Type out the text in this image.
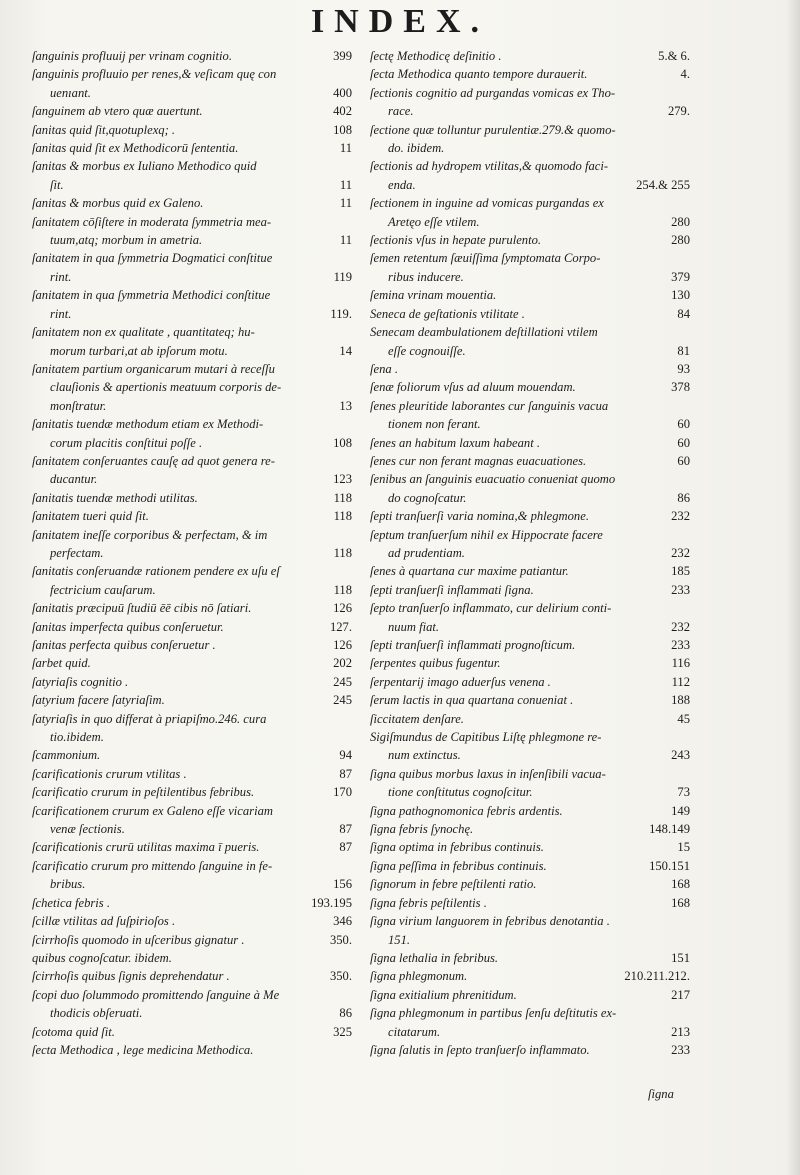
INDEX.
ſanguinis profluuij per vrinam cognitio.	399
ſanguinis profluuio per renes,& veſicam quę con
uenıant.	400
ſanguinem ab vtero quæ auertunt.	402
ſanitas quid ſit,quotuplexq; .	108
ſanitas quid ſit ex Methodicorū ſententia.	11
ſanitas & morbus ex Iuliano Methodico quid
ſit.	11
ſanitas & morbus quid ex Galeno.	11
ſanitatem cōſiſtere in moderata ſymmetria mea-
tuum,atq; morbum in ametria.	11
ſanitatem in qua ſymmetria Dogmatici conſtitue
rint.	119
ſanitatem in qua ſymmetria Methodici conſtitue
rint.	119.
ſanitatem non ex qualitate , quantitateq; hu-
morum turbari,at ab ipſorum motu.	14
ſanitatem partium organicarum mutari à receſſu
clauſionis & apertionis meatuum corporis de-
monſtratur.	13
ſanitatis tuendæ methodum etiam ex Methodi-
corum placitis conſtitui poſſe .	108
ſanitatem conſeruantes cauſę ad quot genera re-
ducantur.	123
ſanitatis tuendæ methodi utilitas.	118
ſanitatem tueri quid ſit.	118
ſanitatem ineſſe corporibus & perfectam, & im
perfectam.	118
ſanitatis conſeruandæ rationem pendere ex uſu eſ
fectricium cauſarum.	118
ſanitatis præcipuū ſtudiū ēē cibis nō ſatiari.	126
ſanitas imperfecta quibus conſeruetur.	127.
ſanitas perfecta quibus conſeruetur .	126
ſarbet quid.	202
ſatyriaſis cognitio .	245
ſatyrium facere ſatyriaſim.	245
ſatyriaſis in quo differat à priapiſmo.246. cura
tio.ibidem.
ſcammonium.	94
ſcarificationis crurum vtilitas .	87
ſcarificatio crurum in peſtilentibus febribus.	170
ſcarificationem crurum ex Galeno eſſe vicariam
venæ ſectionis.	87
ſcarificationis crurū utilitas maxima ī pueris.	87
ſcarificatio crurum pro mittendo ſanguine in fe-
bribus.	156
ſchetica febris .	193.195
ſcillæ vtilitas ad ſuſpirioſos .	346
ſcirrhoſis quomodo in uſceribus gignatur .	350.
quibus cognoſcatur. ibidem.
ſcirrhoſis quibus ſignis deprehendatur .	350.
ſcopi duo ſolummodo promittendo ſanguine à Me
thodicis obſeruati.	86
ſcotoma quid ſit.	325
ſecta Methodica , lege medicina Methodica.
ſectę Methodicę deſinitio .	5.& 6.
ſecta Methodica quanto tempore durauerit.	4.
ſectionis cognitio ad purgandas vomicas ex Tho-
race.	279.
ſectione quæ tolluntur purulentiæ.279.& quomo-
do. ibidem.
ſectionis ad hydropem vtilitas,& quomodo faci-
enda.	254.& 255
ſectionem in inguine ad vomicas purgandas ex
Aretęo eſſe vtilem.	280
ſectionis vſus in hepate purulento.	280
ſemen retentum ſæuiſſima ſymptomata Corpo-
ribus inducere.	379
ſemina vrinam mouentia.	130
Seneca de geſtationis vtilitate .	84
Senecam deambulationem deſtillationi vtilem
eſſe cognouiſſe.	81
ſena .	93
ſenæ foliorum vſus ad aluum mouendam.	378
ſenes pleuritide laborantes cur ſanguinis vacua
tionem non ferant.	60
ſenes an habitum laxum habeant .	60
ſenes cur non ferant magnas euacuationes.	60
ſenibus an ſanguinis euacuatio conueniat quomo
do cognoſcatur.	86
ſepti tranſuerſi varia nomina,& phlegmone.	232
ſeptum tranſuerſum nihil ex Hippocrate facere
ad prudentiam.	232
ſenes à quartana cur maxime patiantur.	185
ſepti tranſuerſi inflammati ſigna.	233
ſepto tranſuerſo inflammato, cur delirium conti-
nuum fiat.	232
ſepti tranſuerſi inflammati prognoſticum.	233
ſerpentes quibus fugentur.	116
ſerpentarij imago aduerſus venena .	112
ſerum lactis in qua quartana conueniat .	188
ſiccitatem denſare.	45
Sigiſmundus de Capitibus Liſtę phlegmone re-
num extinctus.	243
ſigna quibus morbus laxus in inſenſibili vacua-
tione conſtitutus cognoſcitur.	73
ſigna pathognomonica febris ardentis.	149
ſigna febris ſynochę.	148.149
ſigna optima in febribus continuis.	15
ſigna peſſima in febribus continuis.	150.151
ſignorum in febre peſtilenti ratio.	168
ſigna febris peſtilentis .	168
ſigna virium languorem in febribus denotantia .
151.
ſigna lethalia in febribus.	151
ſigna phlegmonum.	210.211.212.
ſigna exitialium phrenitidum.	217
ſigna phlegmonum in partibus ſenſu deſtitutis ex-
citatarum.	213
ſigna ſalutis in ſepto tranſuerſo inflammato.	233
ſigna
